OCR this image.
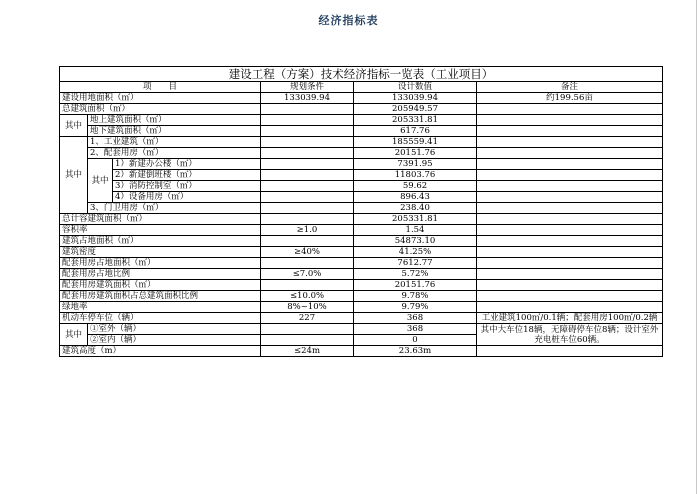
经济指标表
建设工程（方案）技术经济指标一览表（工业项目）					
项　　目			规划条件	设计数值	备注
建设用地面积（㎡）			133039.94	133039.94	约199.56亩
总建筑面积（㎡）				205949.57	
其中	地上建筑面积（㎡）			205331.81	
	地下建筑面积（㎡）			617.76	
其中	1、工业建筑（㎡）			185559.41	
	2、配套用房（㎡）			20151.76	
	其中	1）新建办公楼（㎡）		7391.95	
		2）新建倒班楼（㎡）		11803.76	
		3）消防控制室（㎡）		59.62	
		4）设备用房（㎡）		896.43	
	3、门卫用房（㎡）			238.40	
总计容建筑面积（㎡）				205331.81	
容积率			≥1.0	1.54	
建筑占地面积（㎡）				54873.10	
建筑密度			≥40%	41.25%	
配套用房占地面积（㎡）				7612.77	
配套用房占地比例			≤7.0%	5.72%	
配套用房建筑面积（㎡）				20151.76	
配套用房建筑面积占总建筑面积比例			≤10.0%	9.78%	
绿地率			8%~10%	9.79%	
机动车停车位（辆）			227	368	工业建筑100㎡/0.1辆；配套用房100㎡/0.2辆
其中	①室外（辆）			368	其中大车位18辆，无障碍停车位8辆；设计室外充电桩车位60辆。
	②室内（辆）			0	
建筑高度（m）			≤24m	23.63m	
